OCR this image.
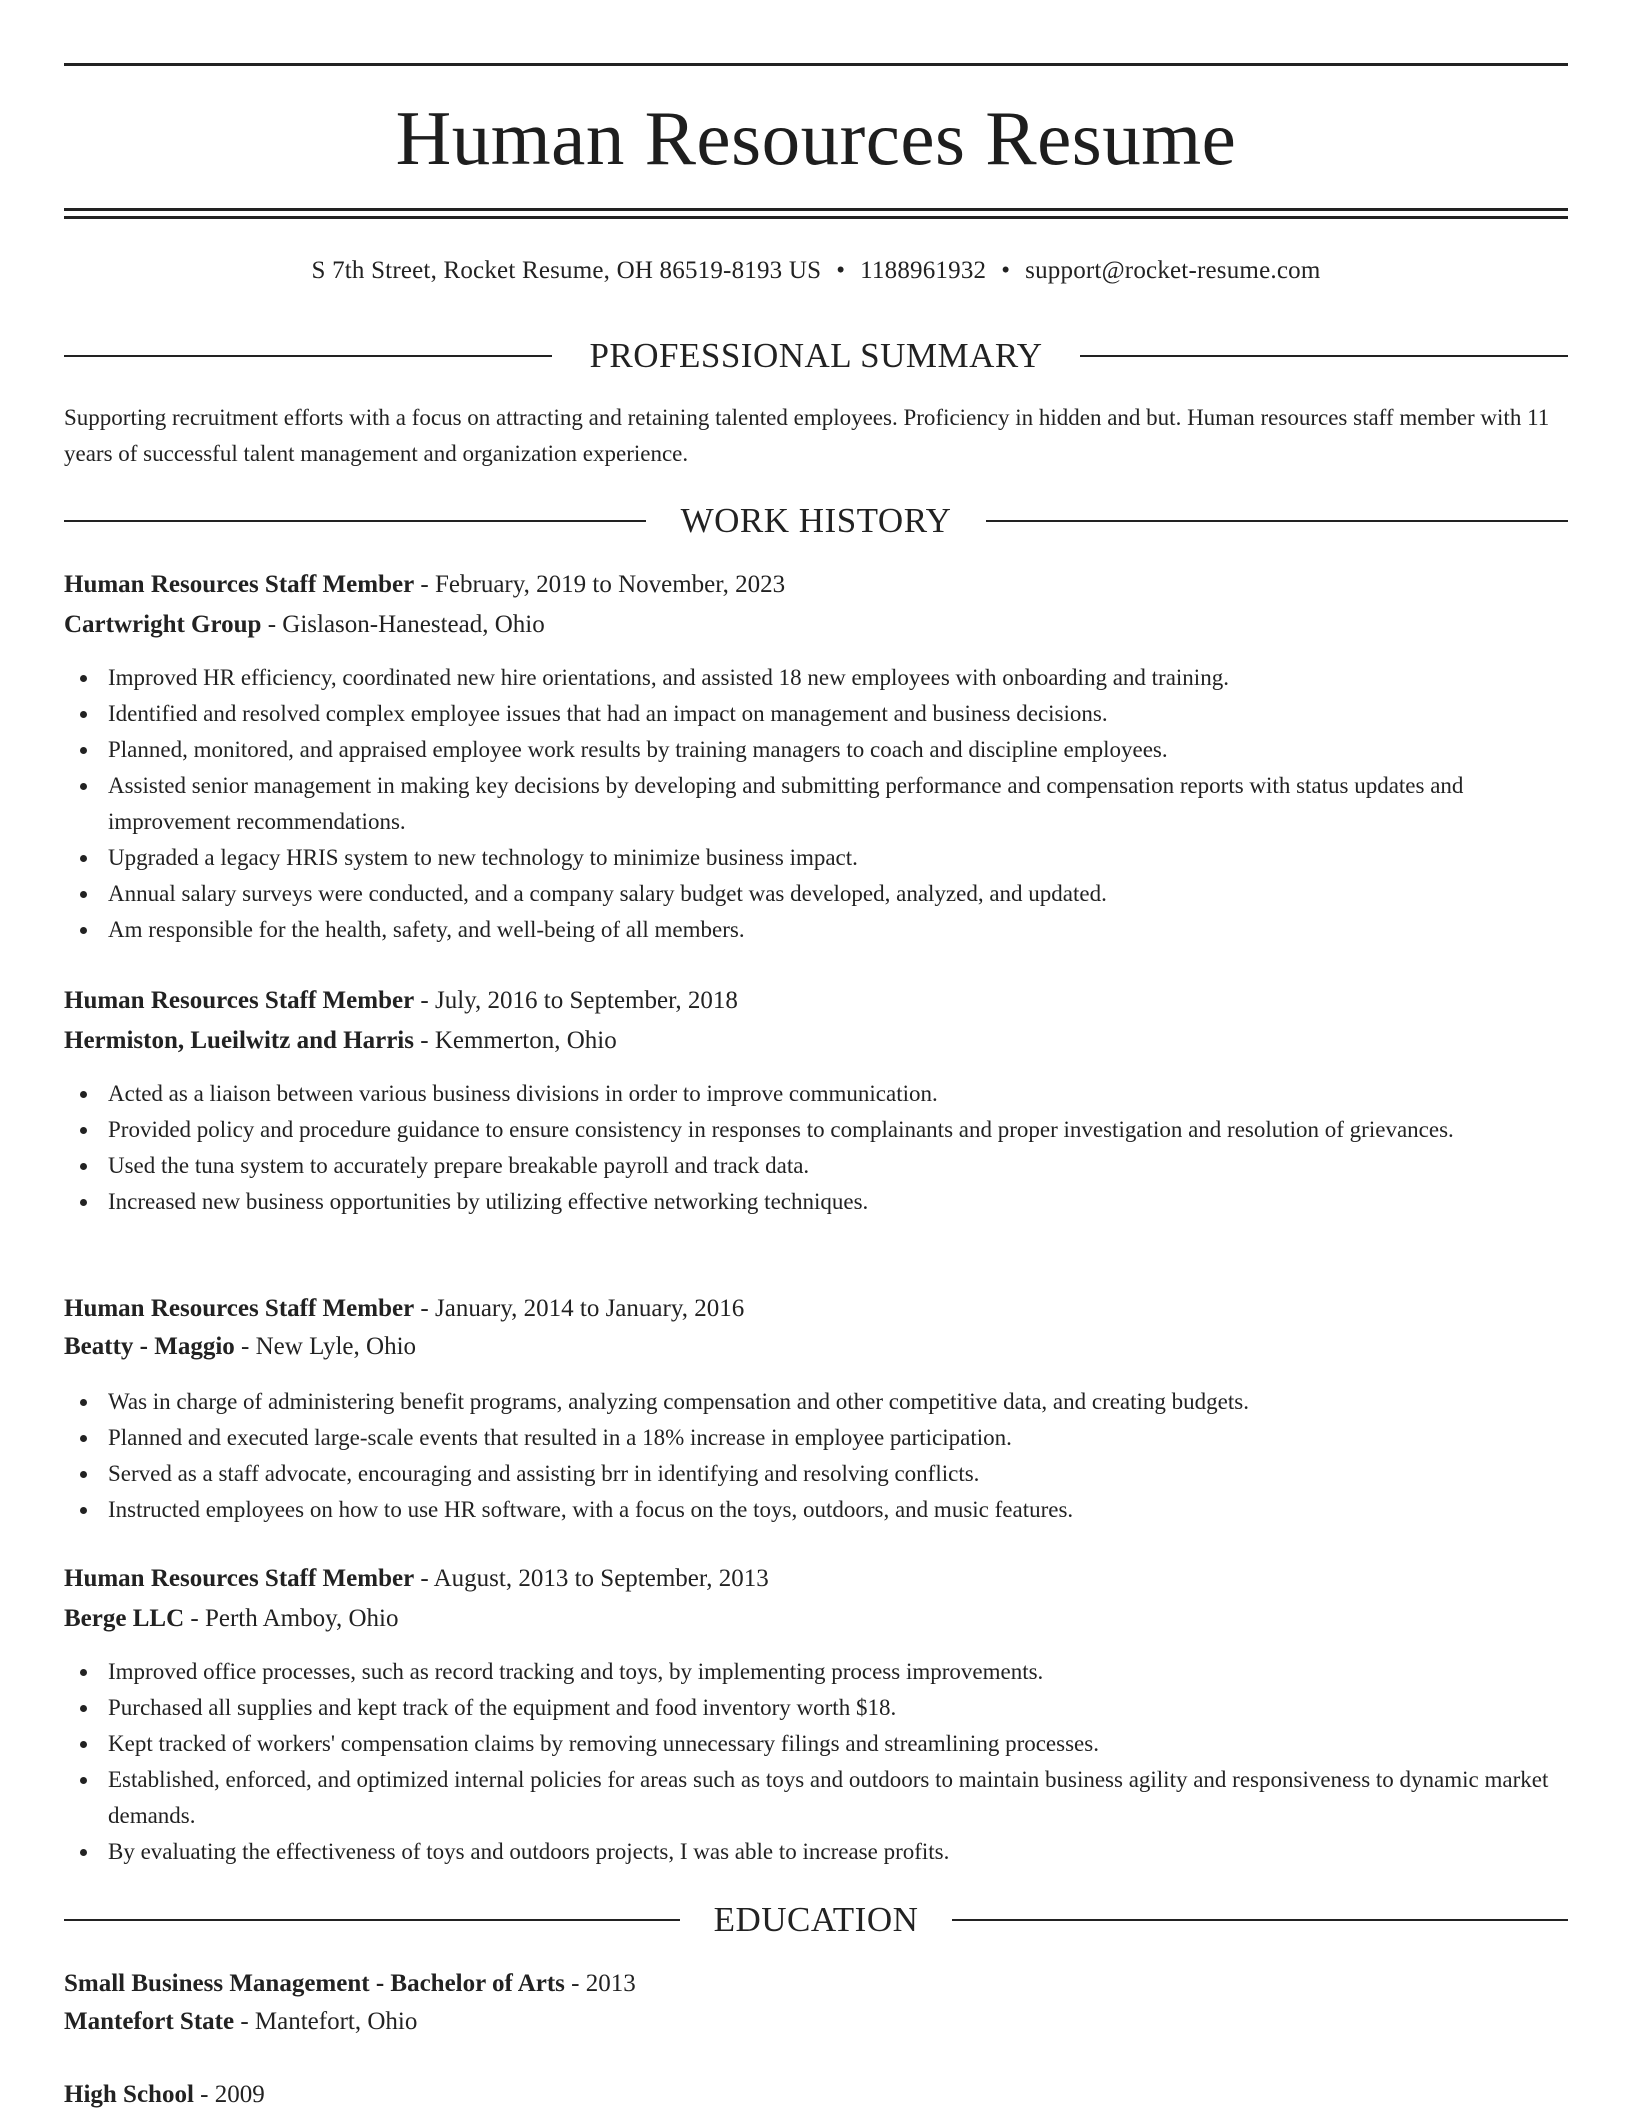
Human Resources Resume
S 7th Street, Rocket Resume, OH 86519-8193 US • 1188961932 • support@rocket-resume.com
PROFESSIONAL SUMMARY
Supporting recruitment efforts with a focus on attracting and retaining talented employees. Proficiency in hidden and but. Human resources staff member with 11 years of successful talent management and organization experience.
WORK HISTORY
Human Resources Staff Member - February, 2019 to November, 2023
Cartwright Group - Gislason-Hanestead, Ohio
Improved HR efficiency, coordinated new hire orientations, and assisted 18 new employees with onboarding and training.
Identified and resolved complex employee issues that had an impact on management and business decisions.
Planned, monitored, and appraised employee work results by training managers to coach and discipline employees.
Assisted senior management in making key decisions by developing and submitting performance and compensation reports with status updates and improvement recommendations.
Upgraded a legacy HRIS system to new technology to minimize business impact.
Annual salary surveys were conducted, and a company salary budget was developed, analyzed, and updated.
Am responsible for the health, safety, and well-being of all members.
Human Resources Staff Member - July, 2016 to September, 2018
Hermiston, Lueilwitz and Harris - Kemmerton, Ohio
Acted as a liaison between various business divisions in order to improve communication.
Provided policy and procedure guidance to ensure consistency in responses to complainants and proper investigation and resolution of grievances.
Used the tuna system to accurately prepare breakable payroll and track data.
Increased new business opportunities by utilizing effective networking techniques.
Human Resources Staff Member - January, 2014 to January, 2016
Beatty - Maggio - New Lyle, Ohio
Was in charge of administering benefit programs, analyzing compensation and other competitive data, and creating budgets.
Planned and executed large-scale events that resulted in a 18% increase in employee participation.
Served as a staff advocate, encouraging and assisting brr in identifying and resolving conflicts.
Instructed employees on how to use HR software, with a focus on the toys, outdoors, and music features.
Human Resources Staff Member - August, 2013 to September, 2013
Berge LLC - Perth Amboy, Ohio
Improved office processes, such as record tracking and toys, by implementing process improvements.
Purchased all supplies and kept track of the equipment and food inventory worth $18.
Kept tracked of workers' compensation claims by removing unnecessary filings and streamlining processes.
Established, enforced, and optimized internal policies for areas such as toys and outdoors to maintain business agility and responsiveness to dynamic market demands.
By evaluating the effectiveness of toys and outdoors projects, I was able to increase profits.
EDUCATION
Small Business Management - Bachelor of Arts - 2013
Mantefort State - Mantefort, Ohio
High School - 2009
